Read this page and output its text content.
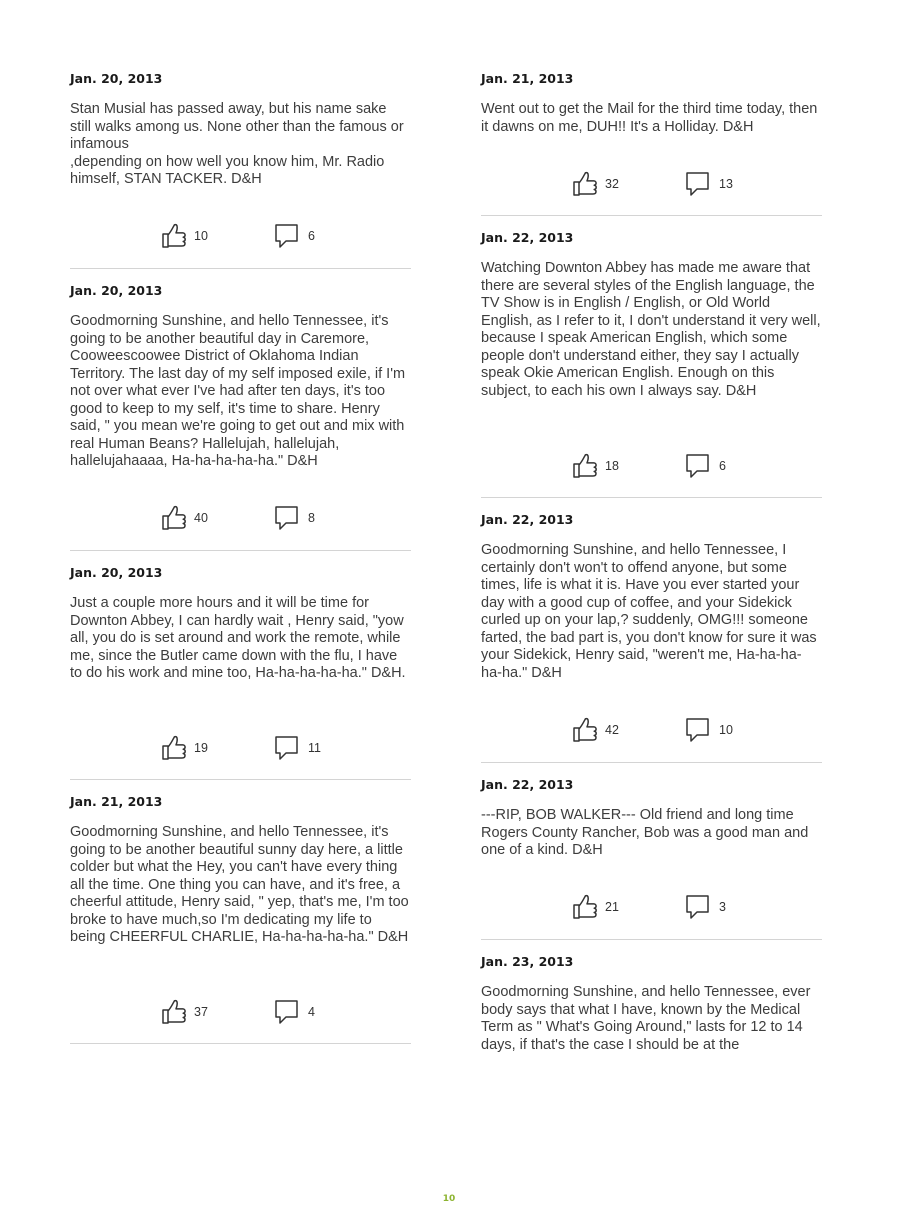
Jan. 20, 2013

Stan Musial has passed away, but his name sake still walks among us. None other than the famous or infamous
,depending on how well you know him, Mr. Radio himself, STAN TACKER. D&H
10	6

Jan. 20, 2013

Goodmorning Sunshine, and hello Tennessee, it's going to be another beautiful day in Caremore, Cooweescoowee District of Oklahoma Indian Territory. The last day of my self imposed exile, if I'm not over what ever I've had after ten days, it's too good to keep to my self, it's time to share. Henry said, " you mean we're going to get out and mix with real Human Beans? Hallelujah, hallelujah, hallelujahaaaa, Ha-ha-ha-ha-ha." D&H
40	8

Jan. 20, 2013

Just a couple more hours and it will be time for Downton Abbey, I can hardly wait , Henry said, "yow all, you do is set around and work the remote, while me, since the Butler came down with the flu, I have to do his work and mine too, Ha-ha-ha-ha-ha." D&H.
19	11

Jan. 21, 2013

Goodmorning Sunshine, and hello Tennessee, it's going to be another beautiful sunny day here, a little colder but what the Hey, you can't have every thing all the time. One thing you can have, and it's free, a cheerful attitude, Henry said, " yep, that's me, I'm too broke to have much,so I'm dedicating my life to being CHEERFUL CHARLIE, Ha-ha-ha-ha-ha." D&H
37	4

Jan. 21, 2013

Went out to get the Mail for the third time today, then it dawns on me, DUH!! It's a Holliday. D&H
32	13

Jan. 22, 2013

Watching Downton Abbey has made me aware that there are several styles of the English language, the TV Show is in English / English, or Old World English, as I refer to it, I don't understand it very well, because I speak American English, which some people don't understand either, they say I actually speak Okie American English. Enough on this subject, to each his own I always say. D&H
18	6

Jan. 22, 2013

Goodmorning Sunshine, and hello Tennessee, I certainly don't won't to offend anyone, but some times, life is what it is. Have you ever started your day with a good cup of coffee, and your Sidekick curled up on your lap,? suddenly, OMG!!! someone farted, the bad part is, you don't know for sure it was your Sidekick, Henry said, "weren't me, Ha-ha-ha-ha-ha." D&H
42	10

Jan. 22, 2013

---RIP, BOB WALKER--- Old friend and long time Rogers County Rancher, Bob was a good man and one of a kind. D&H
21	3

Jan. 23, 2013

Goodmorning Sunshine, and hello Tennessee, ever body says that what I have, known by the Medical Term as " What's Going Around," lasts for 12 to 14 days, if that's the case I should be at the
10
